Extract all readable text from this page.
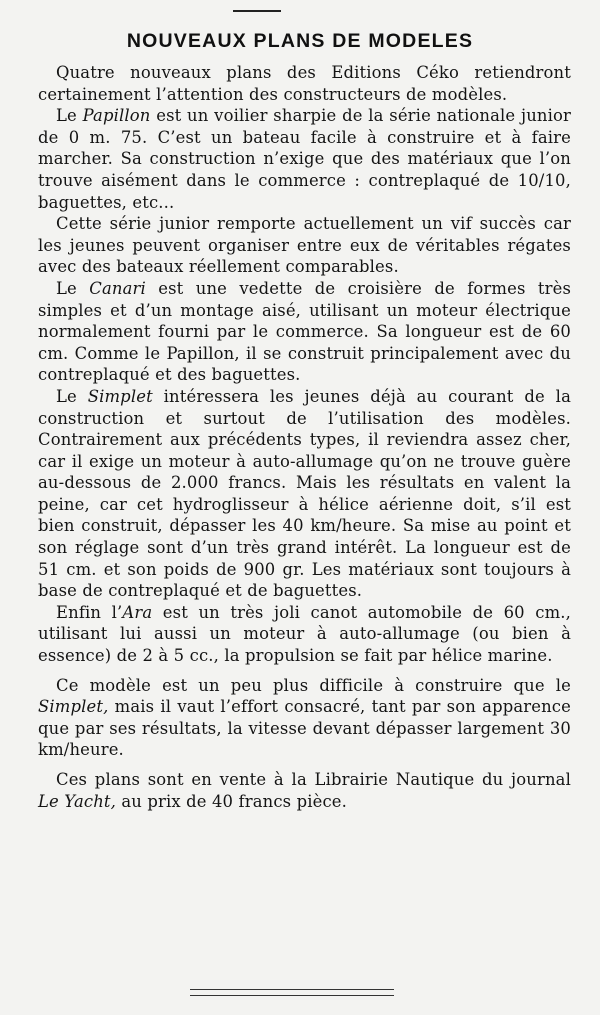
NOUVEAUX PLANS DE MODELES

Quatre nouveaux plans des Editions Céko retiendront certainement l’attention des constructeurs de modèles.

Le Papillon est un voilier sharpie de la série nationale junior de 0 m. 75. C’est un bateau facile à construire et à faire marcher. Sa construction n’exige que des matériaux que l’on trouve aisément dans le commerce : contreplaqué de 10/10, baguettes, etc...

Cette série junior remporte actuellement un vif succès car les jeunes peuvent organiser entre eux de véritables régates avec des bateaux réellement comparables.

Le Canari est une vedette de croisière de formes très simples et d’un montage aisé, utilisant un moteur électrique normalement fourni par le commerce. Sa longueur est de 60 cm. Comme le Papillon, il se construit principalement avec du contreplaqué et des baguettes.

Le Simplet intéressera les jeunes déjà au courant de la construction et surtout de l’utilisation des modèles. Contrairement aux précédents types, il reviendra assez cher, car il exige un moteur à auto-allumage qu’on ne trouve guère au-dessous de 2.000 francs. Mais les résultats en valent la peine, car cet hydroglisseur à hélice aérienne doit, s’il est bien construit, dépasser les 40 km/heure. Sa mise au point et son réglage sont d’un très grand intérêt. La longueur est de 51 cm. et son poids de 900 gr. Les matériaux sont toujours à base de contreplaqué et de baguettes.

Enfin l’Ara est un très joli canot automobile de 60 cm., utilisant lui aussi un moteur à auto-allumage (ou bien à essence) de 2 à 5 cc., la propulsion se fait par hélice marine.

Ce modèle est un peu plus difficile à construire que le Simplet, mais il vaut l’effort consacré, tant par son apparence que par ses résultats, la vitesse devant dépasser largement 30 km/heure.

Ces plans sont en vente à la Librairie Nautique du journal Le Yacht, au prix de 40 francs pièce.
